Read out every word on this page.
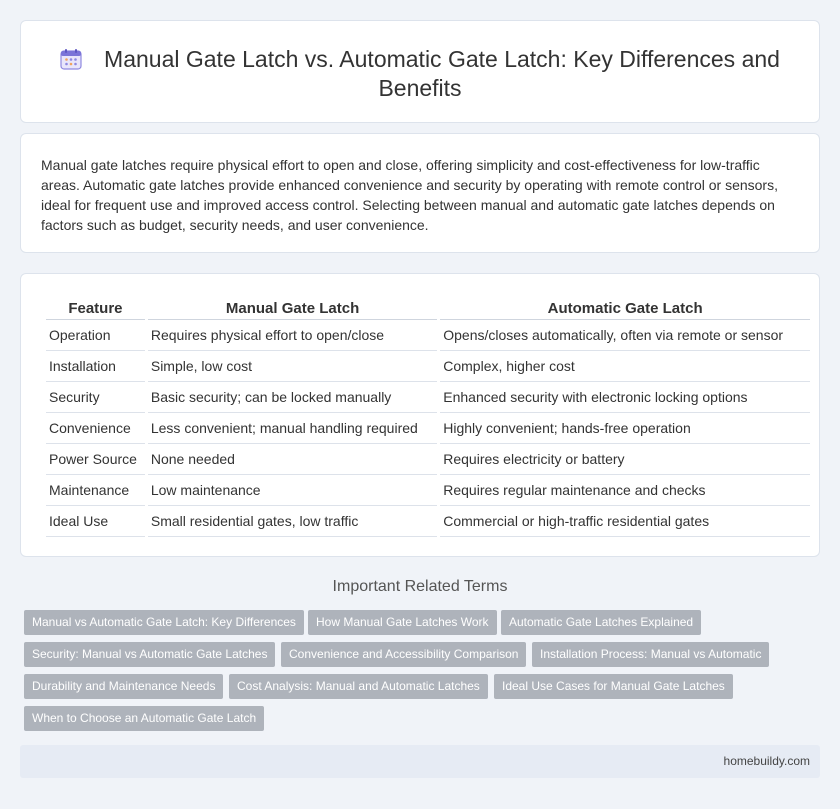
Manual Gate Latch vs. Automatic Gate Latch: Key Differences and Benefits

Manual gate latches require physical effort to open and close, offering simplicity and cost-effectiveness for low-traffic areas. Automatic gate latches provide enhanced convenience and security by operating with remote control or sensors, ideal for frequent use and improved access control. Selecting between manual and automatic gate latches depends on factors such as budget, security needs, and user convenience.

Feature	Manual Gate Latch	Automatic Gate Latch
Operation	Requires physical effort to open/close	Opens/closes automatically, often via remote or sensor
Installation	Simple, low cost	Complex, higher cost
Security	Basic security; can be locked manually	Enhanced security with electronic locking options
Convenience	Less convenient; manual handling required	Highly convenient; hands-free operation
Power Source	None needed	Requires electricity or battery
Maintenance	Low maintenance	Requires regular maintenance and checks
Ideal Use	Small residential gates, low traffic	Commercial or high-traffic residential gates
Important Related Terms
Manual vs Automatic Gate Latch: Key Differences	How Manual Gate Latches Work	Automatic Gate Latches Explained
Security: Manual vs Automatic Gate Latches	Convenience and Accessibility Comparison	Installation Process: Manual vs Automatic
Durability and Maintenance Needs	Cost Analysis: Manual and Automatic Latches	Ideal Use Cases for Manual Gate Latches
When to Choose an Automatic Gate Latch
homebuildy.com
